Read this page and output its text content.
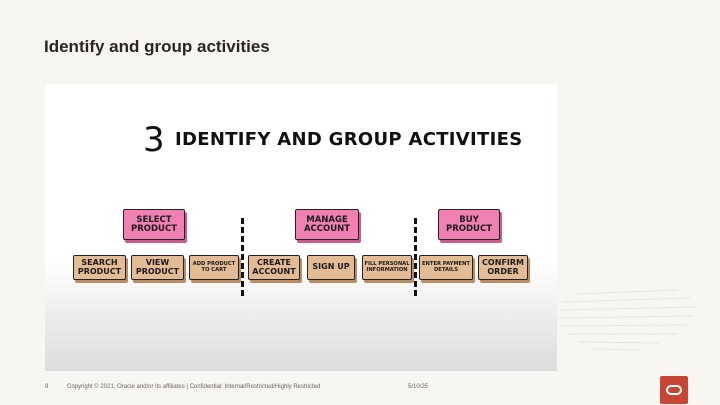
Identify and group activities
3 IDENTIFY AND GROUP ACTIVITIES
SELECT PRODUCT
MANAGE ACCOUNT
BUY PRODUCT
SEARCH PRODUCT
VIEW PRODUCT
ADD PRODUCT TO CART
CREATE ACCOUNT	SIGN UP	FILL PERSONAL INFORMATION
ENTER PAYMENT DETAILS
CONFIRM ORDER
9	Copyright © 2021, Oracle and/or its affiliates | Confidential: Internal/Restricted/Highly Restricted	5/10/25
